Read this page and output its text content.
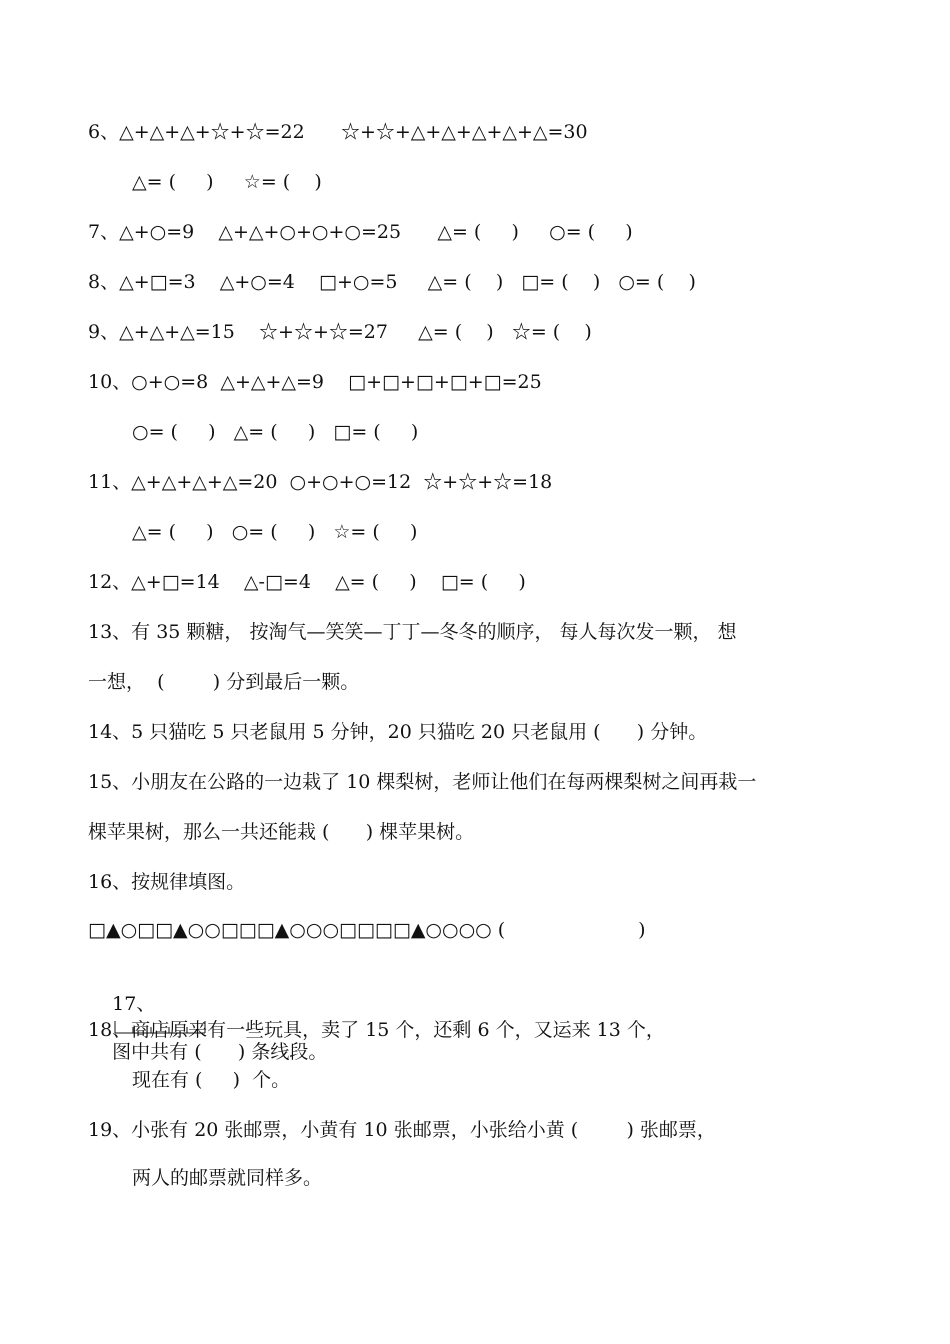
6、△+△+△+☆+☆=22      ☆+☆+△+△+△+△+△=30
△= (     )     ☆= (    )
7、△+○=9    △+△+○+○+○=25      △= (     )     ○= (     )
8、△+□=3    △+○=4    □+○=5     △= (    )   □= (    )   ○= (    )
9、△+△+△=15    ☆+☆+☆=27     △= (    )   ☆= (    )
10、○+○=8  △+△+△=9    □+□+□+□+□=25
○= (     )   △= (     )   □= (     )
11、△+△+△+△=20  ○+○+○=12  ☆+☆+☆=18
△= (     )   ○= (     )   ☆= (     )
12、△+□=14    △-□=4    △= (     )    □= (     )
13、有 35 颗糖， 按淘气—笑笑—丁丁—冬冬的顺序， 每人每次发一颗， 想
一想，  (        ) 分到最后一颗。
14、5 只猫吃 5 只老鼠用 5 分钟，20 只猫吃 20 只老鼠用 (      ) 分钟。
15、小朋友在公路的一边栽了 10 棵梨树，老师让他们在每两棵梨树之间再栽一
棵苹果树，那么一共还能栽 (      ) 棵苹果树。
16、按规律填图。
□▲○□□▲○○□□□▲○○○□□□□▲○○○○ (                      )

17、

图中共有 (      ) 条线段。

18、商店原来有一些玩具，卖了 15 个，还剩 6 个，又运来 13 个，
现在有 (     )  个。
19、小张有 20 张邮票，小黄有 10 张邮票，小张给小黄 (        ) 张邮票，
两人的邮票就同样多。
